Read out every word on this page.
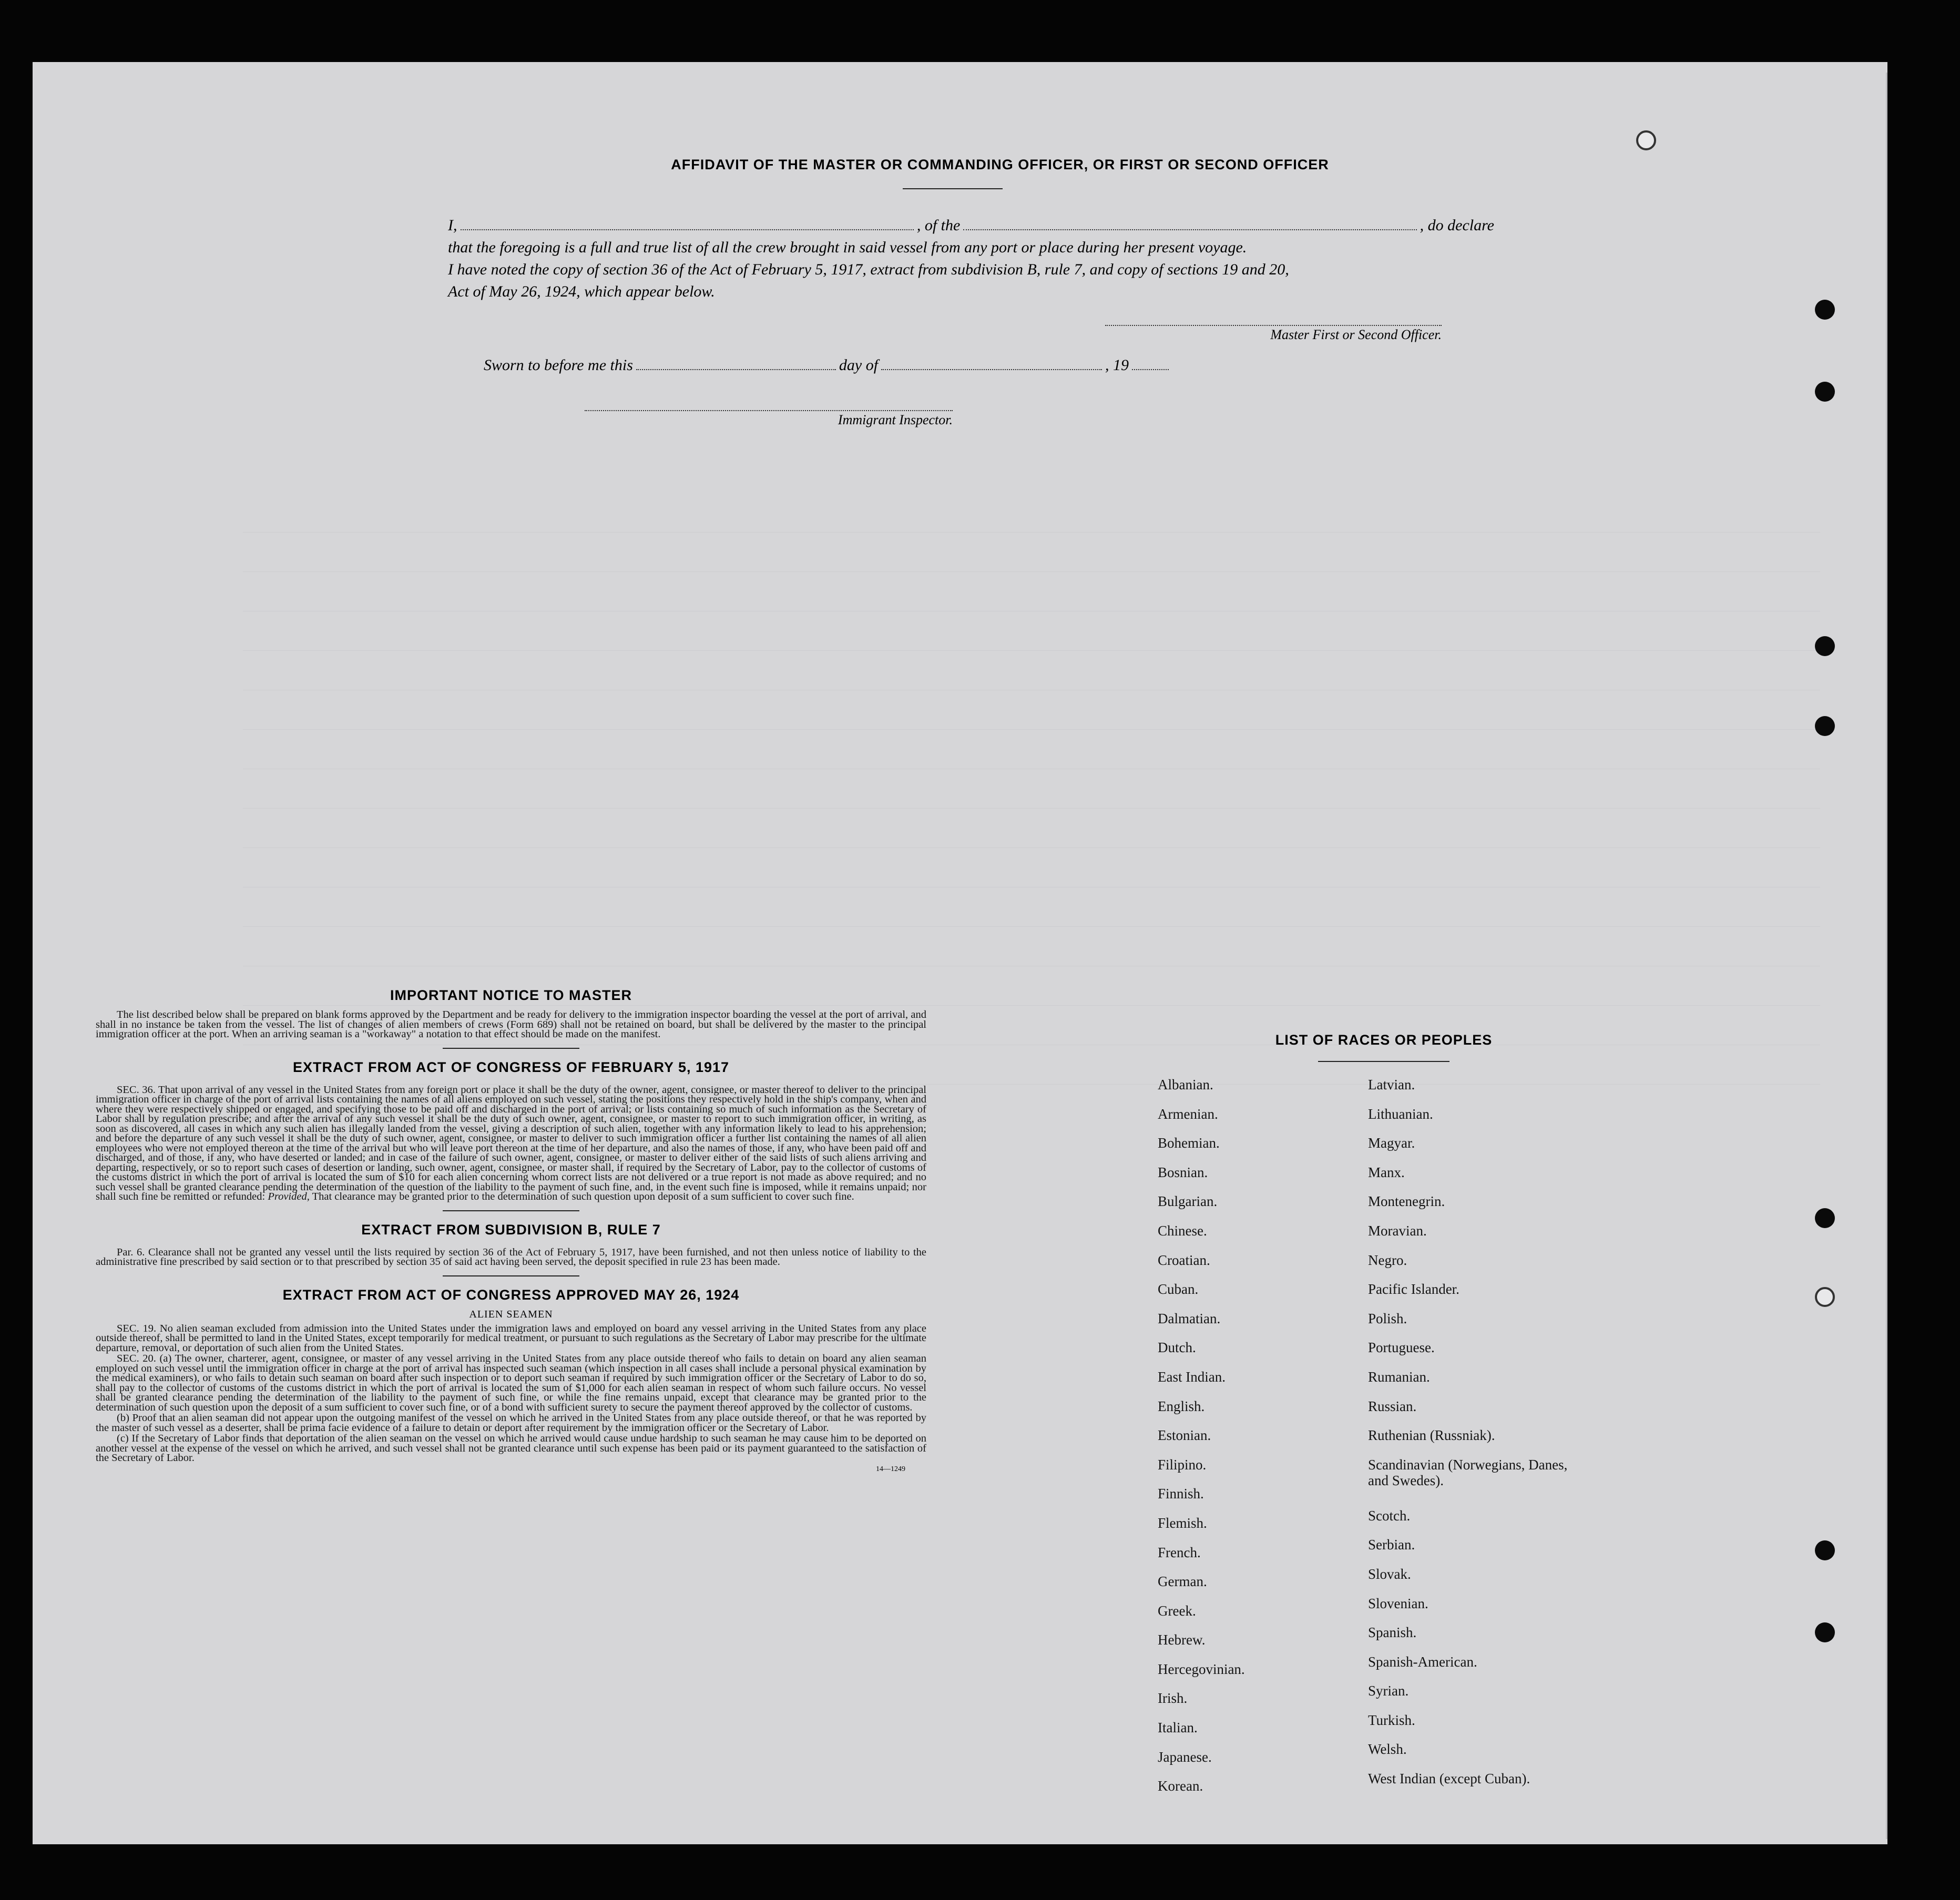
AFFIDAVIT OF THE MASTER OR COMMANDING OFFICER, OR FIRST OR SECOND OFFICER
I,	, of the	, do declare
that the foregoing is a full and true list of all the crew brought in said vessel from any port or place during her present voyage.
I have noted the copy of section 36 of the Act of February 5, 1917, extract from subdivision B, rule 7, and copy of sections 19 and 20,
Act of May 26, 1924, which appear below.
Master First or Second Officer.
Sworn to before me this	day of	, 19
Immigrant Inspector.
IMPORTANT NOTICE TO MASTER

The list described below shall be prepared on blank forms approved by the Department and be ready for delivery to the immigration inspector boarding the vessel at the port of arrival, and shall in no instance be taken from the vessel. The list of changes of alien members of crews (Form 689) shall not be retained on board, but shall be delivered by the master to the principal immigration officer at the port. When an arriving seaman is a "workaway" a notation to that effect should be made on the manifest.

EXTRACT FROM ACT OF CONGRESS OF FEBRUARY 5, 1917

SEC. 36. That upon arrival of any vessel in the United States from any foreign port or place it shall be the duty of the owner, agent, consignee, or master thereof to deliver to the principal immigration officer in charge of the port of arrival lists containing the names of all aliens employed on such vessel, stating the positions they respectively hold in the ship's company, when and where they were respectively shipped or engaged, and specifying those to be paid off and discharged in the port of arrival; or lists containing so much of such information as the Secretary of Labor shall by regulation prescribe; and after the arrival of any such vessel it shall be the duty of such owner, agent, consignee, or master to report to such immigration officer, in writing, as soon as discovered, all cases in which any such alien has illegally landed from the vessel, giving a description of such alien, together with any information likely to lead to his apprehension; and before the departure of any such vessel it shall be the duty of such owner, agent, consignee, or master to deliver to such immigration officer a further list containing the names of all alien employees who were not employed thereon at the time of the arrival but who will leave port thereon at the time of her departure, and also the names of those, if any, who have been paid off and discharged, and of those, if any, who have deserted or landed; and in case of the failure of such owner, agent, consignee, or master to deliver either of the said lists of such aliens arriving and departing, respectively, or so to report such cases of desertion or landing, such owner, agent, consignee, or master shall, if required by the Secretary of Labor, pay to the collector of customs of the customs district in which the port of arrival is located the sum of $10 for each alien concerning whom correct lists are not delivered or a true report is not made as above required; and no such vessel shall be granted clearance pending the determination of the question of the liability to the payment of such fine, and, in the event such fine is imposed, while it remains unpaid; nor shall such fine be remitted or refunded: Provided, That clearance may be granted prior to the determination of such question upon deposit of a sum sufficient to cover such fine.

EXTRACT FROM SUBDIVISION B, RULE 7

Par. 6. Clearance shall not be granted any vessel until the lists required by section 36 of the Act of February 5, 1917, have been furnished, and not then unless notice of liability to the administrative fine prescribed by said section or to that prescribed by section 35 of said act having been served, the deposit specified in rule 23 has been made.

EXTRACT FROM ACT OF CONGRESS APPROVED MAY 26, 1924
ALIEN SEAMEN

SEC. 19. No alien seaman excluded from admission into the United States under the immigration laws and employed on board any vessel arriving in the United States from any place outside thereof, shall be permitted to land in the United States, except temporarily for medical treatment, or pursuant to such regulations as the Secretary of Labor may prescribe for the ultimate departure, removal, or deportation of such alien from the United States.

SEC. 20. (a) The owner, charterer, agent, consignee, or master of any vessel arriving in the United States from any place outside thereof who fails to detain on board any alien seaman employed on such vessel until the immigration officer in charge at the port of arrival has inspected such seaman (which inspection in all cases shall include a personal physical examination by the medical examiners), or who fails to detain such seaman on board after such inspection or to deport such seaman if required by such immigration officer or the Secretary of Labor to do so, shall pay to the collector of customs of the customs district in which the port of arrival is located the sum of $1,000 for each alien seaman in respect of whom such failure occurs. No vessel shall be granted clearance pending the determination of the liability to the payment of such fine, or while the fine remains unpaid, except that clearance may be granted prior to the determination of such question upon the deposit of a sum sufficient to cover such fine, or of a bond with sufficient surety to secure the payment thereof approved by the collector of customs.

(b) Proof that an alien seaman did not appear upon the outgoing manifest of the vessel on which he arrived in the United States from any place outside thereof, or that he was reported by the master of such vessel as a deserter, shall be prima facie evidence of a failure to detain or deport after requirement by the immigration officer or the Secretary of Labor.

(c) If the Secretary of Labor finds that deportation of the alien seaman on the vessel on which he arrived would cause undue hardship to such seaman he may cause him to be deported on another vessel at the expense of the vessel on which he arrived, and such vessel shall not be granted clearance until such expense has been paid or its payment guaranteed to the satisfaction of the Secretary of Labor.

14—1249
LIST OF RACES OR PEOPLES
Albanian.
Armenian.
Bohemian.
Bosnian.
Bulgarian.
Chinese.
Croatian.
Cuban.
Dalmatian.
Dutch.
East Indian.
English.
Estonian.
Filipino.
Finnish.
Flemish.
French.
German.
Greek.
Hebrew.
Hercegovinian.
Irish.
Italian.
Japanese.
Korean.
Latvian.
Lithuanian.
Magyar.
Manx.
Montenegrin.
Moravian.
Negro.
Pacific Islander.
Polish.
Portuguese.
Rumanian.
Russian.
Ruthenian (Russniak).
Scandinavian (Norwegians, Danes, and Swedes).
Scotch.
Serbian.
Slovak.
Slovenian.
Spanish.
Spanish-American.
Syrian.
Turkish.
Welsh.
West Indian (except Cuban).
